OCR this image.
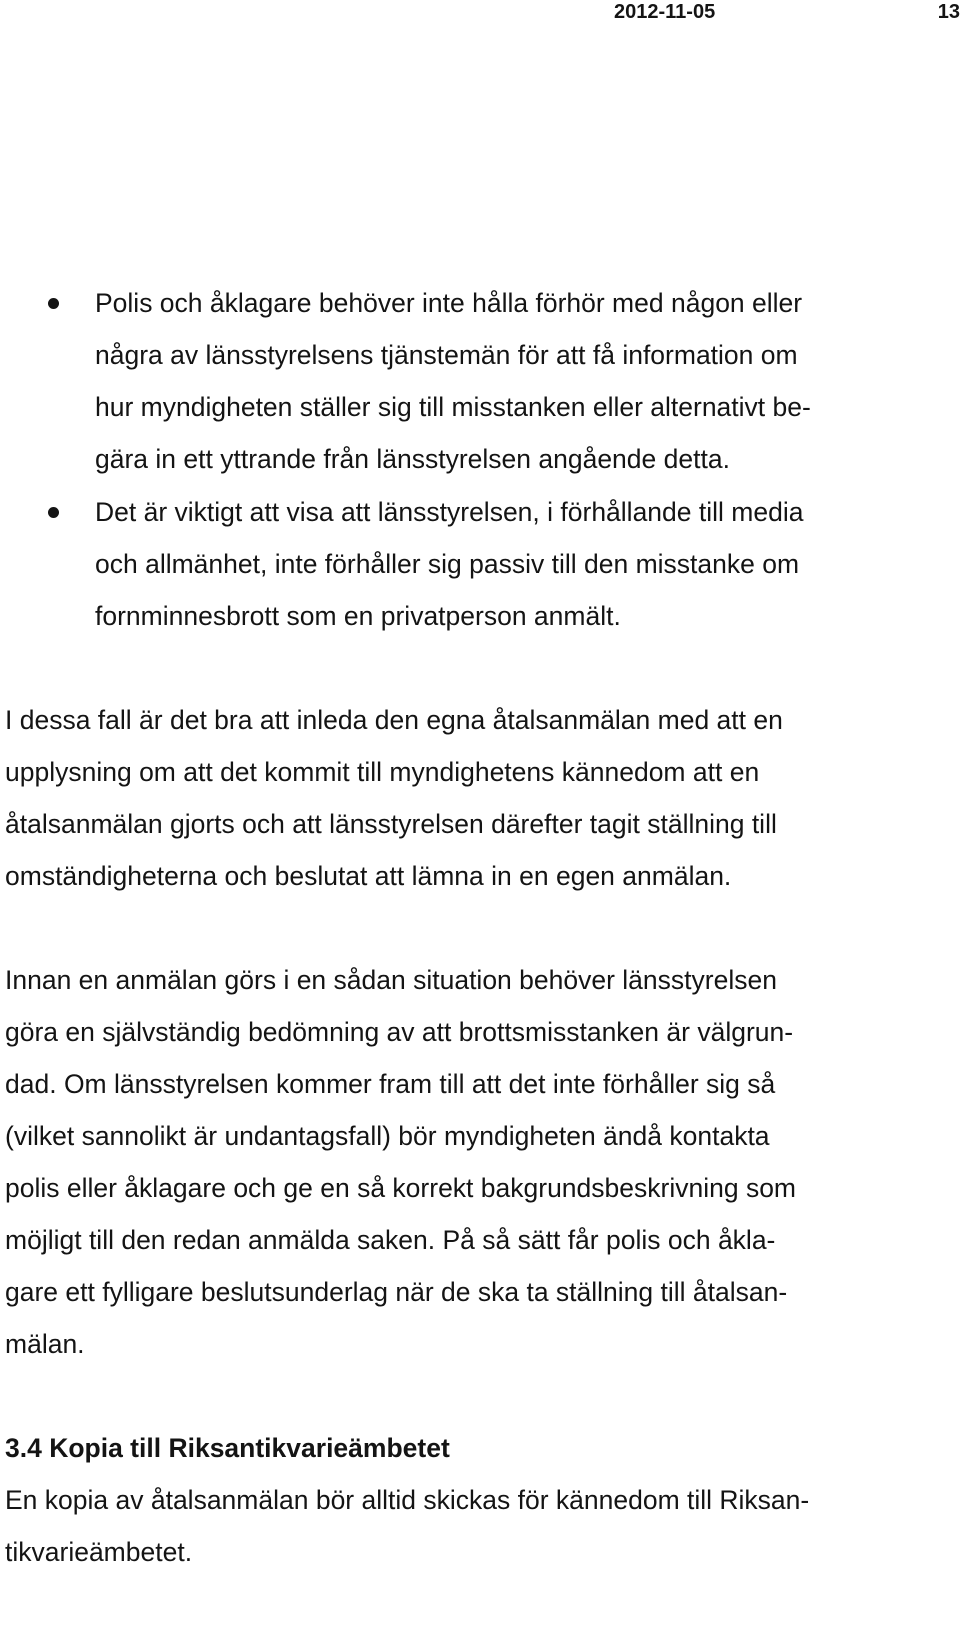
2012-11-05	13
Polis och åklagare behöver inte hålla förhör med någon eller
några av länsstyrelsens tjänstemän för att få information om
hur myndigheten ställer sig till misstanken eller alternativt be-
gära in ett yttrande från länsstyrelsen angående detta.
Det är viktigt att visa att länsstyrelsen, i förhållande till media
och allmänhet, inte förhåller sig passiv till den misstanke om
fornminnesbrott som en privatperson anmält.
I dessa fall är det bra att inleda den egna åtalsanmälan med att en
upplysning om att det kommit till myndighetens kännedom att en
åtalsanmälan gjorts och att länsstyrelsen därefter tagit ställning till
omständigheterna och beslutat att lämna in en egen anmälan.
Innan en anmälan görs i en sådan situation behöver länsstyrelsen
göra en självständig bedömning av att brottsmisstanken är välgrun-
dad. Om länsstyrelsen kommer fram till att det inte förhåller sig så
(vilket sannolikt är undantagsfall) bör myndigheten ändå kontakta
polis eller åklagare och ge en så korrekt bakgrundsbeskrivning som
möjligt till den redan anmälda saken. På så sätt får polis och åkla-
gare ett fylligare beslutsunderlag när de ska ta ställning till åtalsan-
mälan.
3.4 Kopia till Riksantikvarieämbetet
En kopia av åtalsanmälan bör alltid skickas för kännedom till Riksan-
tikvarieämbetet.
